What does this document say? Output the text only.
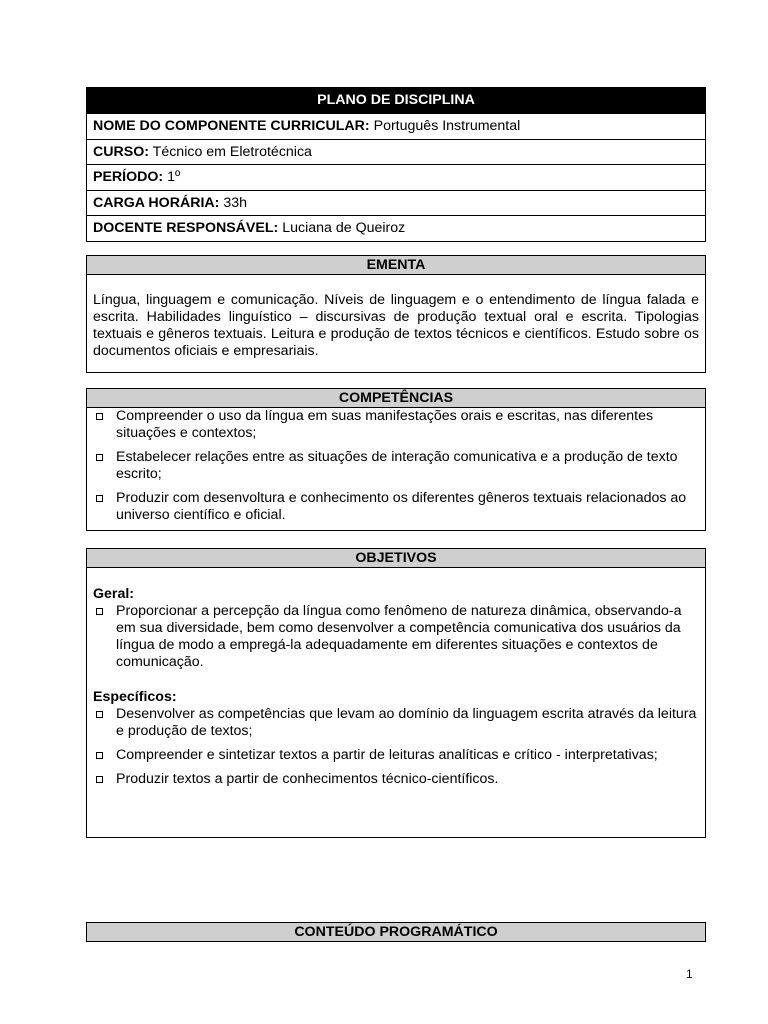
PLANO DE DISCIPLINA
NOME DO COMPONENTE CURRICULAR: Português Instrumental
CURSO: Técnico em Eletrotécnica
PERÍODO: 1º
CARGA HORÁRIA: 33h
DOCENTE RESPONSÁVEL: Luciana de Queiroz
EMENTA
Língua, linguagem e comunicação. Níveis de linguagem e o entendimento de língua falada e escrita. Habilidades linguístico – discursivas de produção textual oral e escrita. Tipologias textuais e gêneros textuais. Leitura e produção de textos técnicos e científicos. Estudo sobre os documentos oficiais e empresariais.
COMPETÊNCIAS
Compreender o uso da língua em suas manifestações orais e escritas, nas diferentes situações e contextos;
Estabelecer relações entre as situações de interação comunicativa e a produção de texto escrito;
Produzir com desenvoltura e conhecimento os diferentes gêneros textuais relacionados ao universo científico e oficial.
OBJETIVOS
Geral:
Proporcionar a percepção da língua como fenômeno de natureza dinâmica, observando-a em sua diversidade, bem como desenvolver a competência comunicativa dos usuários da língua de modo a empregá-la adequadamente em diferentes situações e contextos de comunicação.
Específicos:
Desenvolver as competências que levam ao domínio da linguagem escrita através da leitura e produção de textos;
Compreender e sintetizar textos a partir de leituras analíticas e crítico - interpretativas;
Produzir textos a partir de conhecimentos técnico-científicos.
CONTEÚDO PROGRAMÁTICO
1
